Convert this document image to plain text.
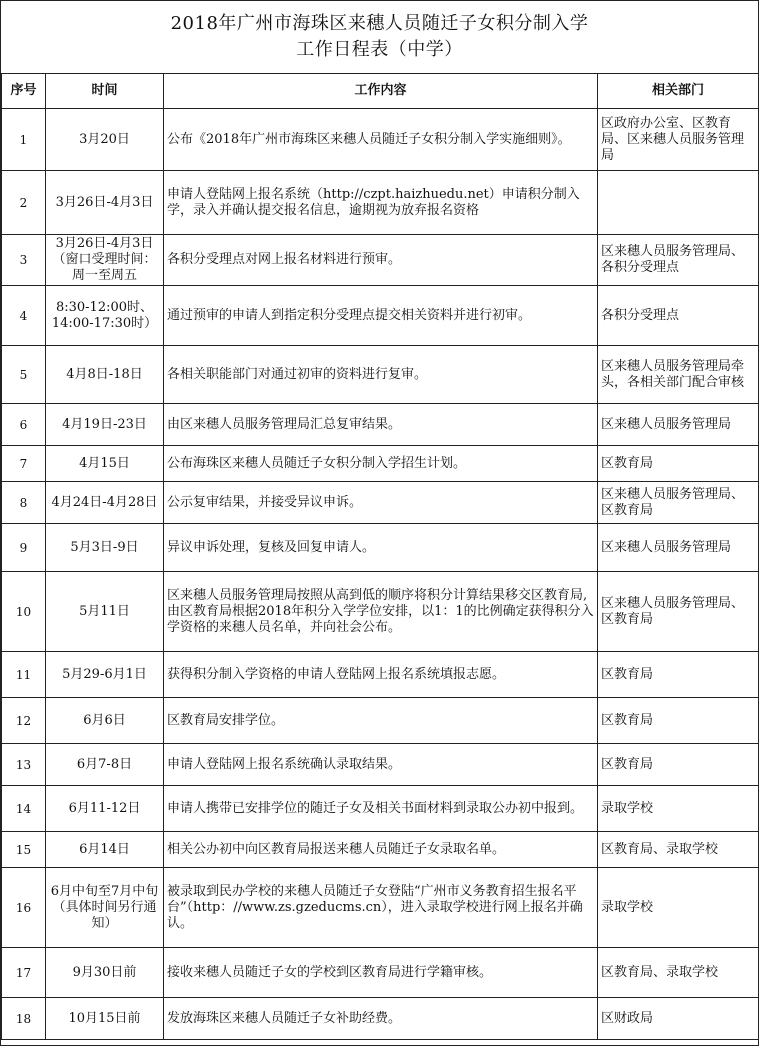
2018年广州市海珠区来穗人员随迁子女积分制入学
工作日程表（中学）
序号	时间	工作内容	相关部门
1	3月20日	公布《2018年广州市海珠区来穗人员随迁子女积分制入学实施细则》。	区政府办公室、区教育局、区来穗人员服务管理局
2	3月26日-4月3日	申请人登陆网上报名系统（http://czpt.haizhuedu.net）申请积分制入学，录入并确认提交报名信息，逾期视为放弃报名资格	
3	3月26日-4月3日（窗口受理时间：周一至周五	各积分受理点对网上报名材料进行预审。	区来穗人员服务管理局、各积分受理点
4	8:30-12:00时、14:00-17:30时）	通过预审的申请人到指定积分受理点提交相关资料并进行初审。	各积分受理点
5	4月8日-18日	各相关职能部门对通过初审的资料进行复审。	区来穗人员服务管理局牵头，各相关部门配合审核
6	4月19日-23日	由区来穗人员服务管理局汇总复审结果。	区来穗人员服务管理局
7	4月15日	公布海珠区来穗人员随迁子女积分制入学招生计划。	区教育局
8	4月24日-4月28日	公示复审结果，并接受异议申诉。	区来穗人员服务管理局、区教育局
9	5月3日-9日	异议申诉处理，复核及回复申请人。	区来穗人员服务管理局
10	5月11日	区来穗人员服务管理局按照从高到低的顺序将积分计算结果移交区教育局,由区教育局根据2018年积分入学学位安排，以1：1的比例确定获得积分入学资格的来穗人员名单，并向社会公布。	区来穗人员服务管理局、区教育局
11	5月29-6月1日	获得积分制入学资格的申请人登陆网上报名系统填报志愿。	区教育局
12	6月6日	区教育局安排学位。	区教育局
13	6月7-8日	申请人登陆网上报名系统确认录取结果。	区教育局
14	6月11-12日	申请人携带已安排学位的随迁子女及相关书面材料到录取公办初中报到。	录取学校
15	6月14日	相关公办初中向区教育局报送来穗人员随迁子女录取名单。	区教育局、录取学校
16	6月中旬至7月中旬（具体时间另行通知）	被录取到民办学校的来穗人员随迁子女登陆“广州市义务教育招生报名平台”（http：//www.zs.gzeducms.cn），进入录取学校进行网上报名并确认。	录取学校
17	9月30日前	接收来穗人员随迁子女的学校到区教育局进行学籍审核。	区教育局、录取学校
18	10月15日前	发放海珠区来穗人员随迁子女补助经费。	区财政局
